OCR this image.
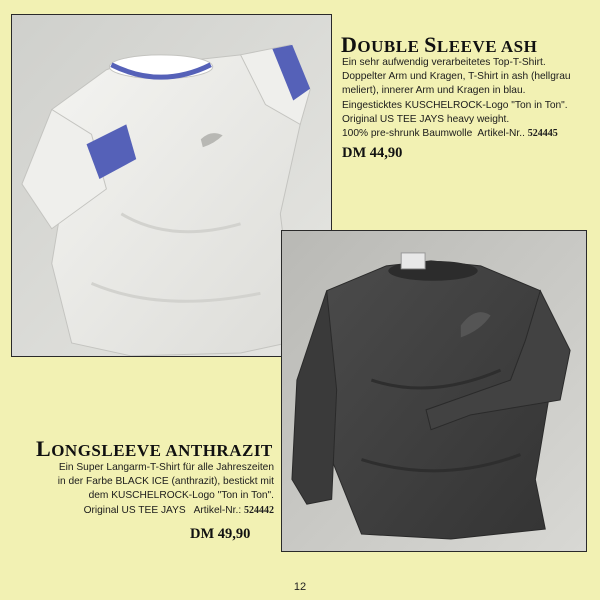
DOUBLE SLEEVE ASH
Ein sehr aufwendig verarbeitetes Top-T-Shirt.
Doppelter Arm und Kragen, T-Shirt in ash (hellgrau
meliert), innerer Arm und Kragen in blau.
Eingesticktes KUSCHELROCK-Logo "Ton in Ton".
Original US TEE JAYS heavy weight.
100% pre-shrunk Baumwolle Artikel-Nr.. 524445
DM 44,90
LONGSLEEVE ANTHRAZIT
Ein Super Langarm-T-Shirt für alle Jahreszeiten
in der Farbe BLACK ICE (anthrazit), bestickt mit
dem KUSCHELROCK-Logo "Ton in Ton".
Original US TEE JAYS Artikel-Nr.: 524442
DM 49,90
12
